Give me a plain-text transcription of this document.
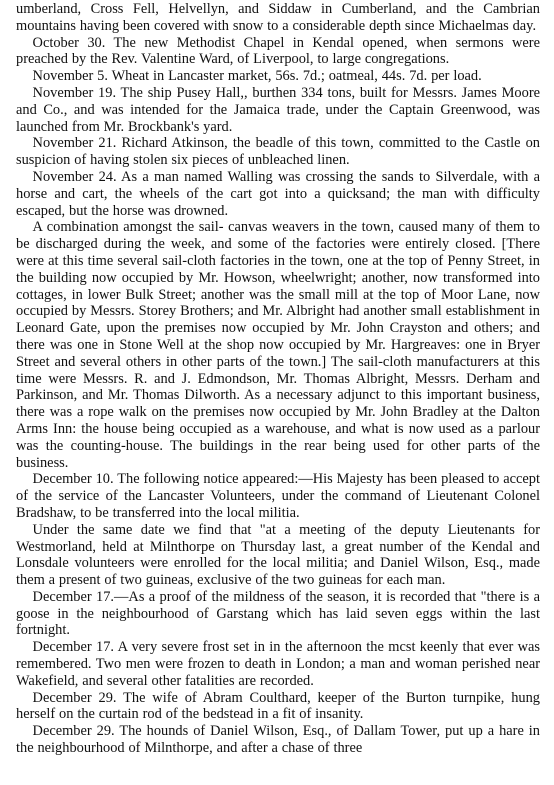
umberland, Cross Fell, Helvellyn, and Siddaw in Cumberland, and the Cambrian mountains having been covered with snow to a considerable depth since Michaelmas day.

October 30. The new Methodist Chapel in Kendal opened, when sermons were preached by the Rev. Valentine Ward, of Liverpool, to large congregations.

November 5. Wheat in Lancaster market, 56s. 7d.; oatmeal, 44s. 7d. per load.

November 19. The ship Pusey Hall,, burthen 334 tons, built for Messrs. James Moore and Co., and was intended for the Jamaica trade, under the Captain Greenwood, was launched from Mr. Brockbank's yard.

November 21. Richard Atkinson, the beadle of this town, committed to the Castle on suspicion of having stolen six pieces of unbleached linen.

November 24. As a man named Walling was crossing the sands to Silverdale, with a horse and cart, the wheels of the cart got into a quicksand; the man with difficulty escaped, but the horse was drowned.

A combination amongst the sail- canvas weavers in the town, caused many of them to be discharged during the week, and some of the factories were entirely closed. [There were at this time several sail-cloth factories in the town, one at the top of Penny Street, in the building now occupied by Mr. Howson, wheelwright; another, now transformed into cottages, in lower Bulk Street; another was the small mill at the top of Moor Lane, now occupied by Messrs. Storey Brothers; and Mr. Albright had another small establishment in Leonard Gate, upon the premises now occupied by Mr. John Crayston and others; and there was one in Stone Well at the shop now occupied by Mr. Hargreaves: one in Bryer Street and several others in other parts of the town.] The sail-cloth manufacturers at this time were Messrs. R. and J. Edmondson, Mr. Thomas Albright, Messrs. Derham and Parkinson, and Mr. Thomas Dilworth. As a necessary adjunct to this important business, there was a rope walk on the premises now occupied by Mr. John Bradley at the Dalton Arms Inn: the house being occupied as a warehouse, and what is now used as a parlour was the counting-house. The buildings in the rear being used for other parts of the business.

December 10. The following notice appeared:—His Majesty has been pleased to accept of the service of the Lancaster Volunteers, under the command of Lieutenant Colonel Bradshaw, to be transferred into the local militia.

Under the same date we find that "at a meeting of the deputy Lieutenants for Westmorland, held at Milnthorpe on Thursday last, a great number of the Kendal and Lonsdale volunteers were enrolled for the local militia; and Daniel Wilson, Esq., made them a present of two guineas, exclusive of the two guineas for each man.

December 17.—As a proof of the mildness of the season, it is recorded that "there is a goose in the neighbourhood of Garstang which has laid seven eggs within the last fortnight.

December 17. A very severe frost set in in the afternoon the mcst keenly that ever was remembered. Two men were frozen to death in London; a man and woman perished near Wakefield, and several other fatalities are recorded.

December 29. The wife of Abram Coulthard, keeper of the Burton turnpike, hung herself on the curtain rod of the bedstead in a fit of insanity.

December 29. The hounds of Daniel Wilson, Esq., of Dallam Tower, put up a hare in the neighbourhood of Milnthorpe, and after a chase of three
